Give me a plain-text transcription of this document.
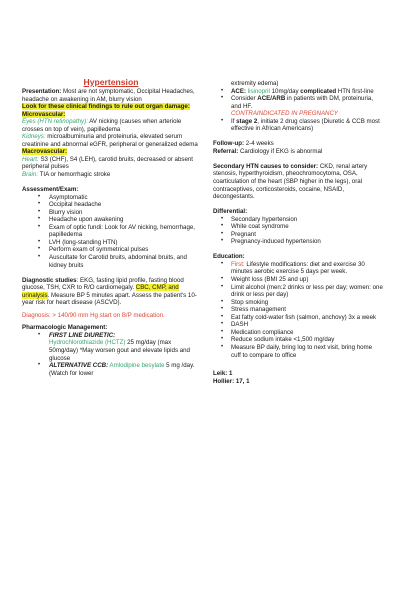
Hypertension

Presentation: Most are not symptomatic, Occipital Headaches, headache on awakening in AM, blurry vision

Look for these clinical findings to rule out organ damage:

Microvascular:

Eyes (HTN retinopathy): AV nicking (causes when arteriole crosses on top of vein), papilledema

Kidneys: microalbuminuria and proteinuria, elevated serum creatinine and abnormal eGFR, peripheral or generalized edema

Macrovascular:

Heart: S3 (CHF), S4 (LEH), carotid bruits, decreased or absent peripheral pulses

Brain: TIA or hemorrhagic stroke

Assessment/Exam:

• Asymptomatic
• Occipital headache
• Blurry vision
• Headache upon awakening
• Exam of optic fundi: Look for AV nicking, hemorrhage, papilledema
• LVH (long-standing HTN)
• Perform exam of symmetrical pulses
• Auscultate for Carotid bruits, abdominal bruits, and kidney bruits

Diagnostic studies: EKG, fasting lipid profile, fasting blood glucose, TSH, CXR to R/O cardiomegaly. CBC, CMP, and urinalysis. Measure BP 5 minutes apart. Assess the patient's 10-year risk for heart disease (ASCVD).

Diagnosis: > 140/90 mm Hg start on B/P medication.

Pharmacologic Management:

• FIRST LINE DIURETIC:
Hydrochlorothiazide (HCTZ) 25 mg/day (max 50mg/day) *May worsen gout and elevate lipids and glucose
• ALTERNATIVE CCB: Amlodipine besylate 5 mg /day. (Watch for lower

extremity edema)

• ACE: lisinopril 10mg/day complicated HTN first-line
• Consider ACE/ARB in patients with DM, proteinuria, and HF.
CONTRAINDICATED IN PREGNANCY
• If stage 2, initiate 2 drug classes (Diuretic & CCB most effective in African Americans)

Follow-up: 2-4 weeks

Referral: Cardiology if EKG is abnormal

Secondary HTN causes to consider: CKD, renal artery stenosis, hyperthyroidism, pheochromocytoma, OSA, coarticulation of the heart (SBP higher in the legs), oral contraceptives, corticosteroids, cocaine, NSAID, decongestants.

Differential:

• Secondary hypertension
• White coat syndrome
• Pregnant
• Pregnancy-induced hypertension

Education:

• First: Lifestyle modifications: diet and exercise 30 minutes aerobic exercise 5 days per week.
• Weight loss (BMI 25 and up)
• Limit alcohol (men:2 drinks or less per day; women: one drink or less per day)
• Stop smoking
• Stress management
• Eat fatty cold-water fish (salmon, anchovy) 3x a week
• DASH
• Medication compliance
• Reduce sodium intake <1,500 mg/day
• Measure BP daily, bring log to next visit, bring home cuff to compare to office

Leik: 1

Hollier: 17, 1
